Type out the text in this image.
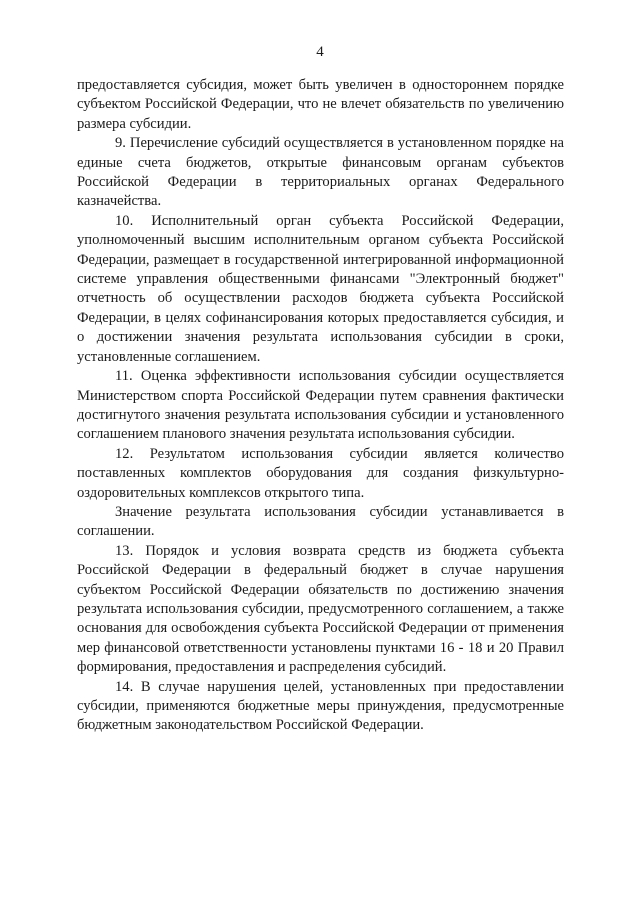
4

предоставляется субсидия, может быть увеличен в одностороннем порядке субъектом Российской Федерации, что не влечет обязательств по увеличению размера субсидии.

9. Перечисление субсидий осуществляется в установленном порядке на единые счета бюджетов, открытые финансовым органам субъектов Российской Федерации в территориальных органах Федерального казначейства.

10. Исполнительный орган субъекта Российской Федерации, уполномоченный высшим исполнительным органом субъекта Российской Федерации, размещает в государственной интегрированной информационной системе управления общественными финансами "Электронный бюджет" отчетность об осуществлении расходов бюджета субъекта Российской Федерации, в целях софинансирования которых предоставляется субсидия, и о достижении значения результата использования субсидии в сроки, установленные соглашением.

11. Оценка эффективности использования субсидии осуществляется Министерством спорта Российской Федерации путем сравнения фактически достигнутого значения результата использования субсидии и установленного соглашением планового значения результата использования субсидии.

12. Результатом использования субсидии является количество поставленных комплектов оборудования для создания физкультурно-оздоровительных комплексов открытого типа.

Значение результата использования субсидии устанавливается в соглашении.

13. Порядок и условия возврата средств из бюджета субъекта Российской Федерации в федеральный бюджет в случае нарушения субъектом Российской Федерации обязательств по достижению значения результата использования субсидии, предусмотренного соглашением, а также основания для освобождения субъекта Российской Федерации от применения мер финансовой ответственности установлены пунктами 16 - 18 и 20 Правил формирования, предоставления и распределения субсидий.

14. В случае нарушения целей, установленных при предоставлении субсидии, применяются бюджетные меры принуждения, предусмотренные бюджетным законодательством Российской Федерации.
